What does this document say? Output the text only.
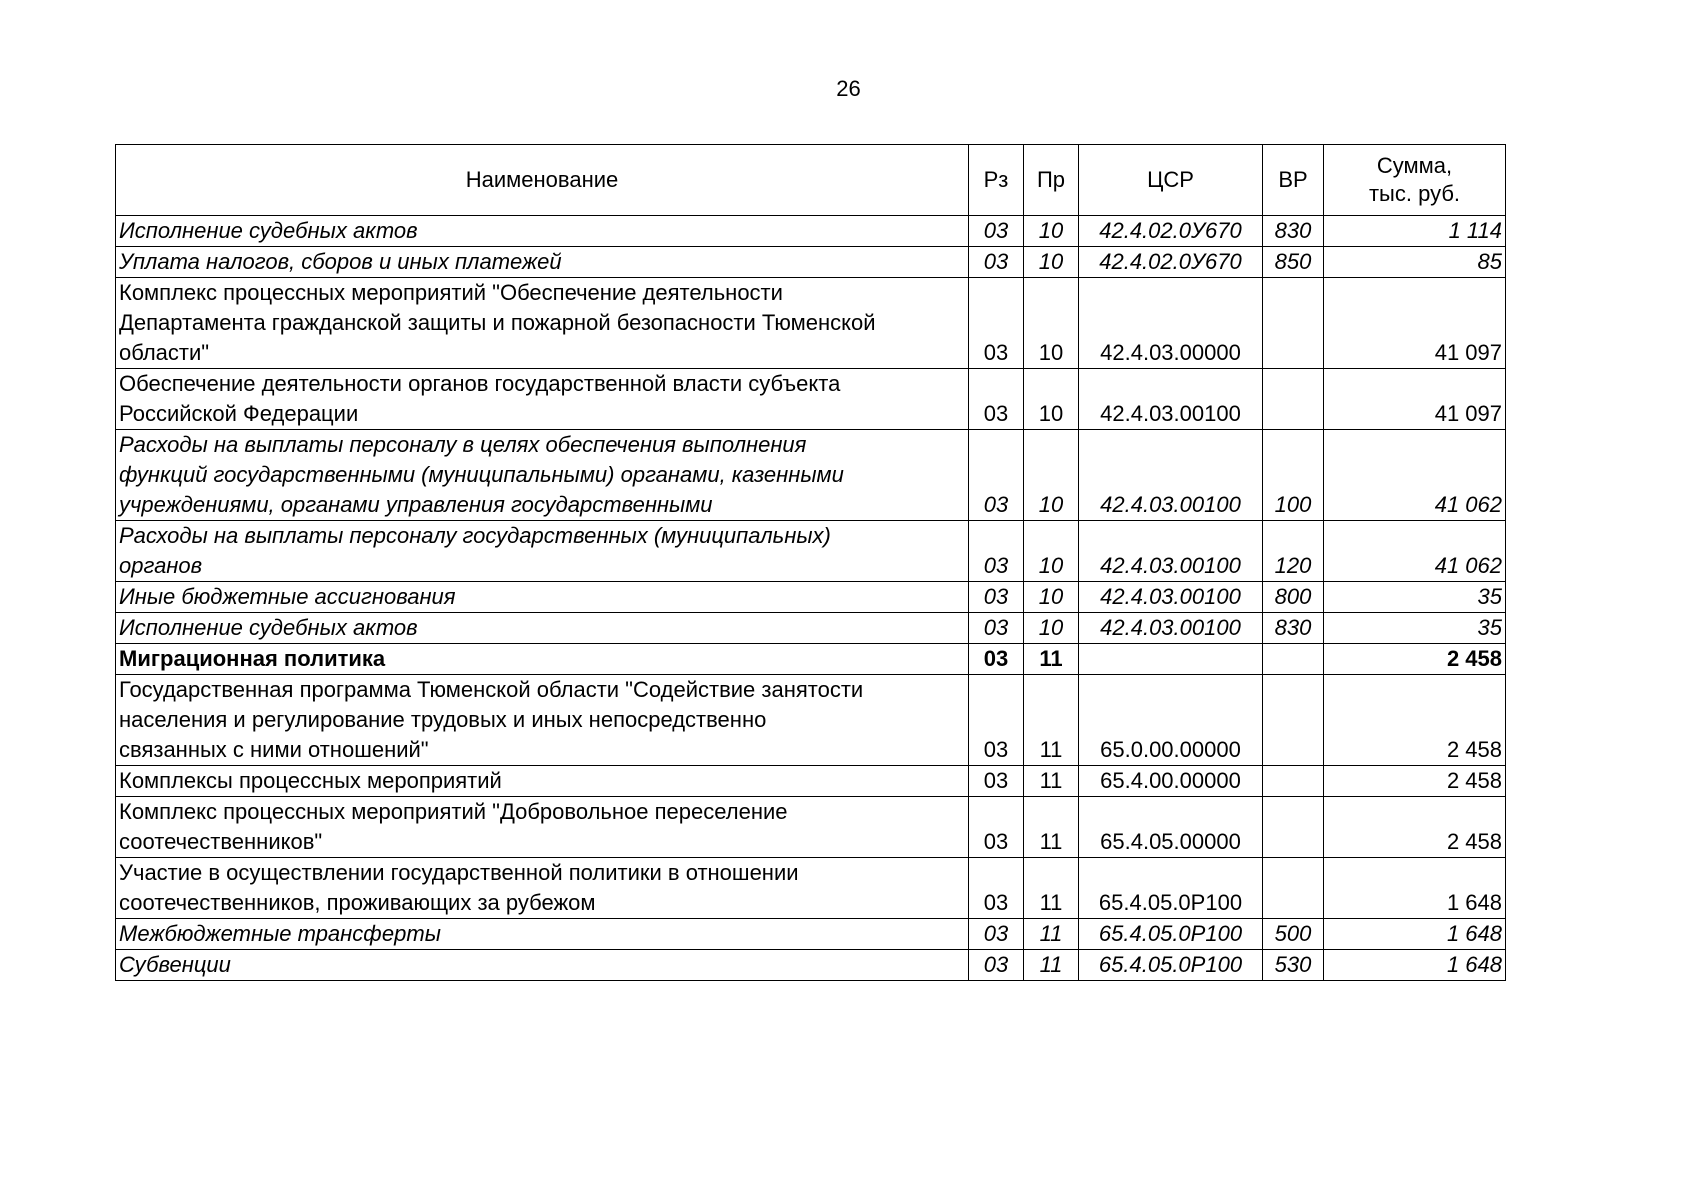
26
Наименование	Рз	Пр	ЦСР	ВР	Сумма,
тыс. руб.
Исполнение судебных актов	03	10	42.4.02.0У670	830	1 114
Уплата налогов, сборов и иных платежей	03	10	42.4.02.0У670	850	85
Комплекс процессных мероприятий "Обеспечение деятельности
Департамента гражданской защиты и пожарной безопасности Тюменской
области"	03	10	42.4.03.00000		41 097
Обеспечение деятельности органов государственной власти субъекта
Российской Федерации	03	10	42.4.03.00100		41 097
Расходы на выплаты персоналу в целях обеспечения выполнения
функций государственными (муниципальными) органами, казенными
учреждениями, органами управления государственными	03	10	42.4.03.00100	100	41 062
Расходы на выплаты персоналу государственных (муниципальных)
органов	03	10	42.4.03.00100	120	41 062
Иные бюджетные ассигнования	03	10	42.4.03.00100	800	35
Исполнение судебных актов	03	10	42.4.03.00100	830	35
Миграционная политика	03	11			2 458
Государственная программа Тюменской области "Содействие занятости
населения и регулирование трудовых и иных непосредственно
связанных с ними отношений"	03	11	65.0.00.00000		2 458
Комплексы процессных мероприятий	03	11	65.4.00.00000		2 458
Комплекс процессных мероприятий "Добровольное переселение
соотечественников"	03	11	65.4.05.00000		2 458
Участие в осуществлении государственной политики в отношении
соотечественников, проживающих за рубежом	03	11	65.4.05.0Р100		1 648
Межбюджетные трансферты	03	11	65.4.05.0Р100	500	1 648
Субвенции	03	11	65.4.05.0Р100	530	1 648
